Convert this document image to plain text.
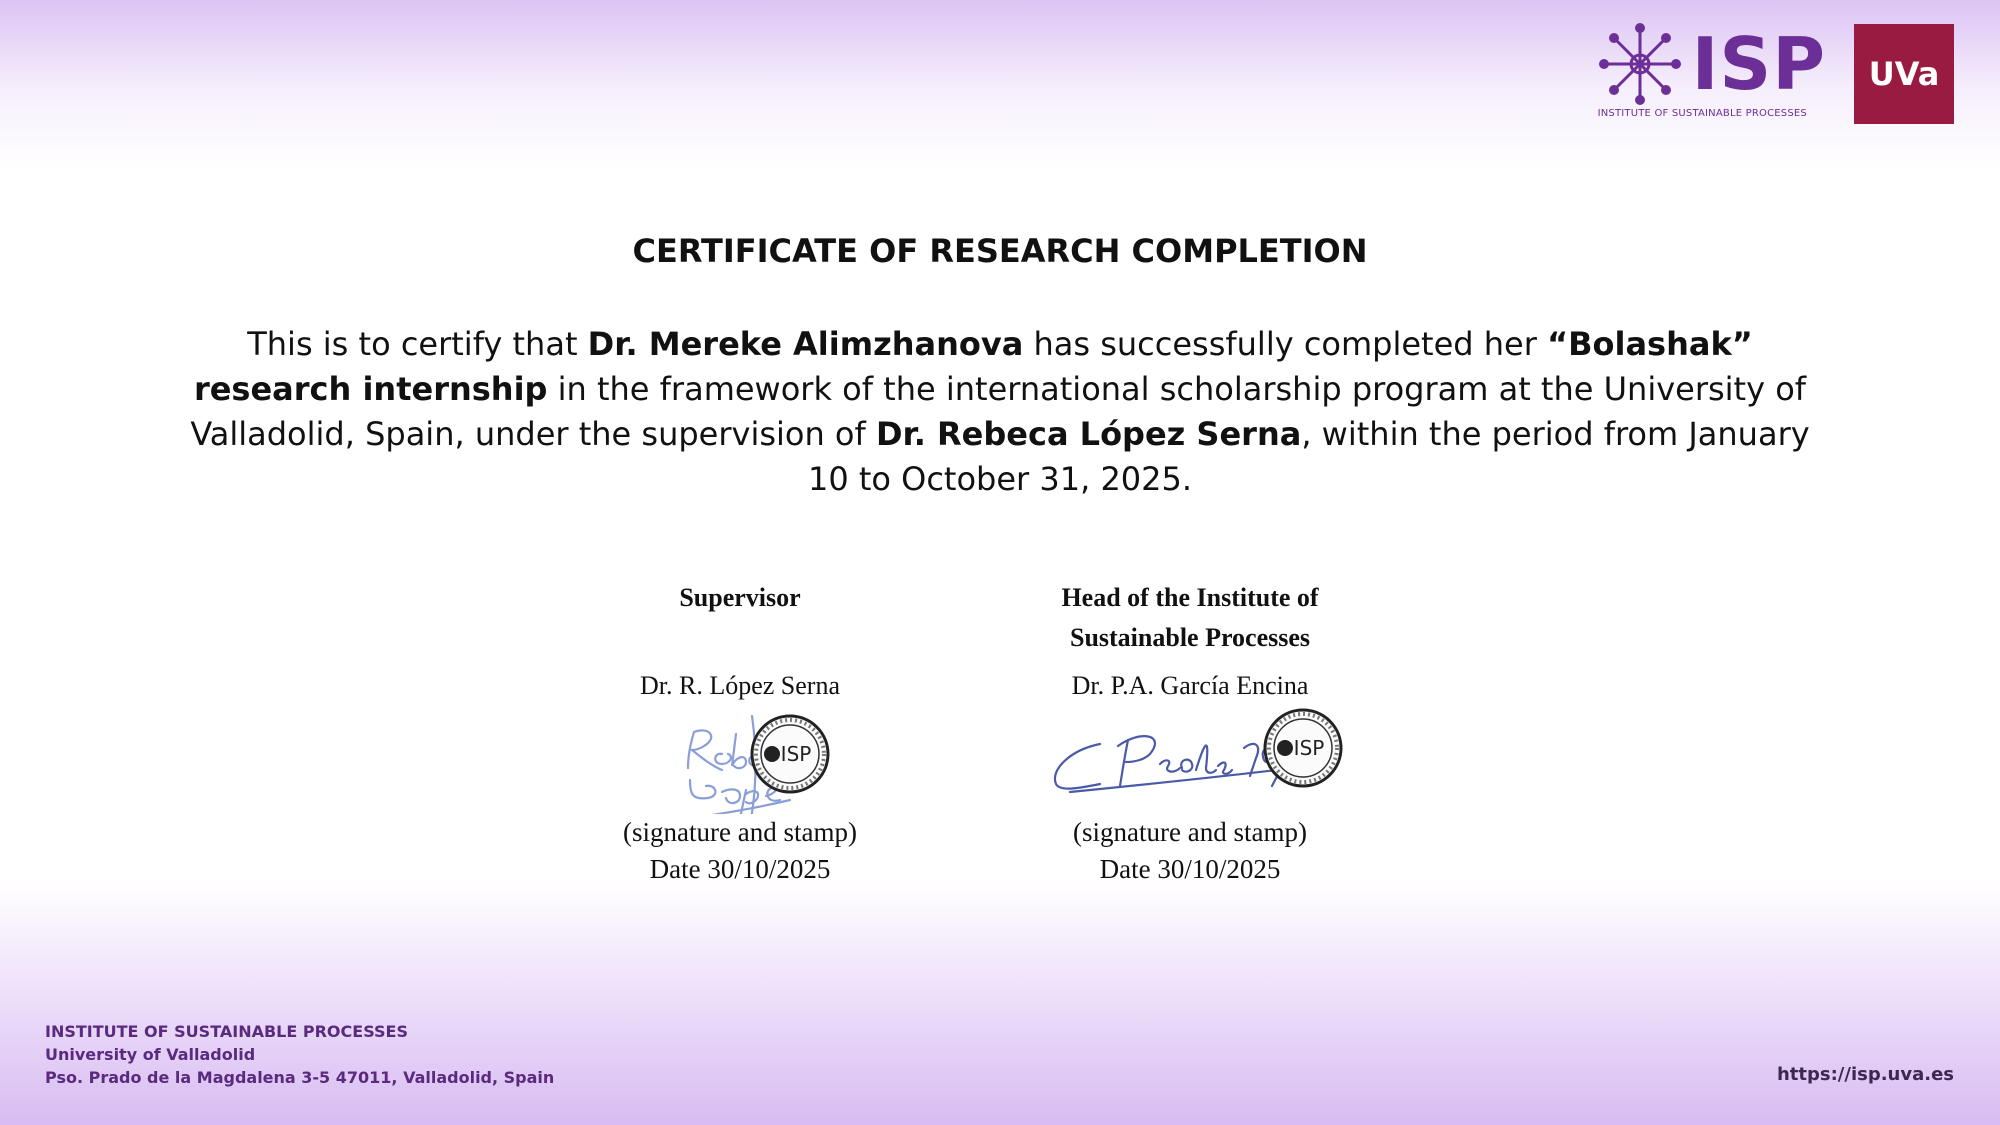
ISP
INSTITUTE OF SUSTAINABLE PROCESSES
UVa
CERTIFICATE OF RESEARCH COMPLETION

This is to certify that Dr. Mereke Alimzhanova has successfully completed her “Bolashak” research internship in the framework of the international scholarship program at the University of Valladolid, Spain, under the supervision of Dr. Rebeca López Serna, within the period from January 10 to October 31, 2025.

Supervisor
Dr. R. López Serna
ISP
(signature and stamp)
Date 30/10/2025
Head of the Institute of Sustainable Processes
Dr. P.A. García Encina
ISP
(signature and stamp)
Date 30/10/2025
INSTITUTE OF SUSTAINABLE PROCESSES
University of Valladolid
Pso. Prado de la Magdalena 3-5 47011, Valladolid, Spain	https://isp.uva.es
